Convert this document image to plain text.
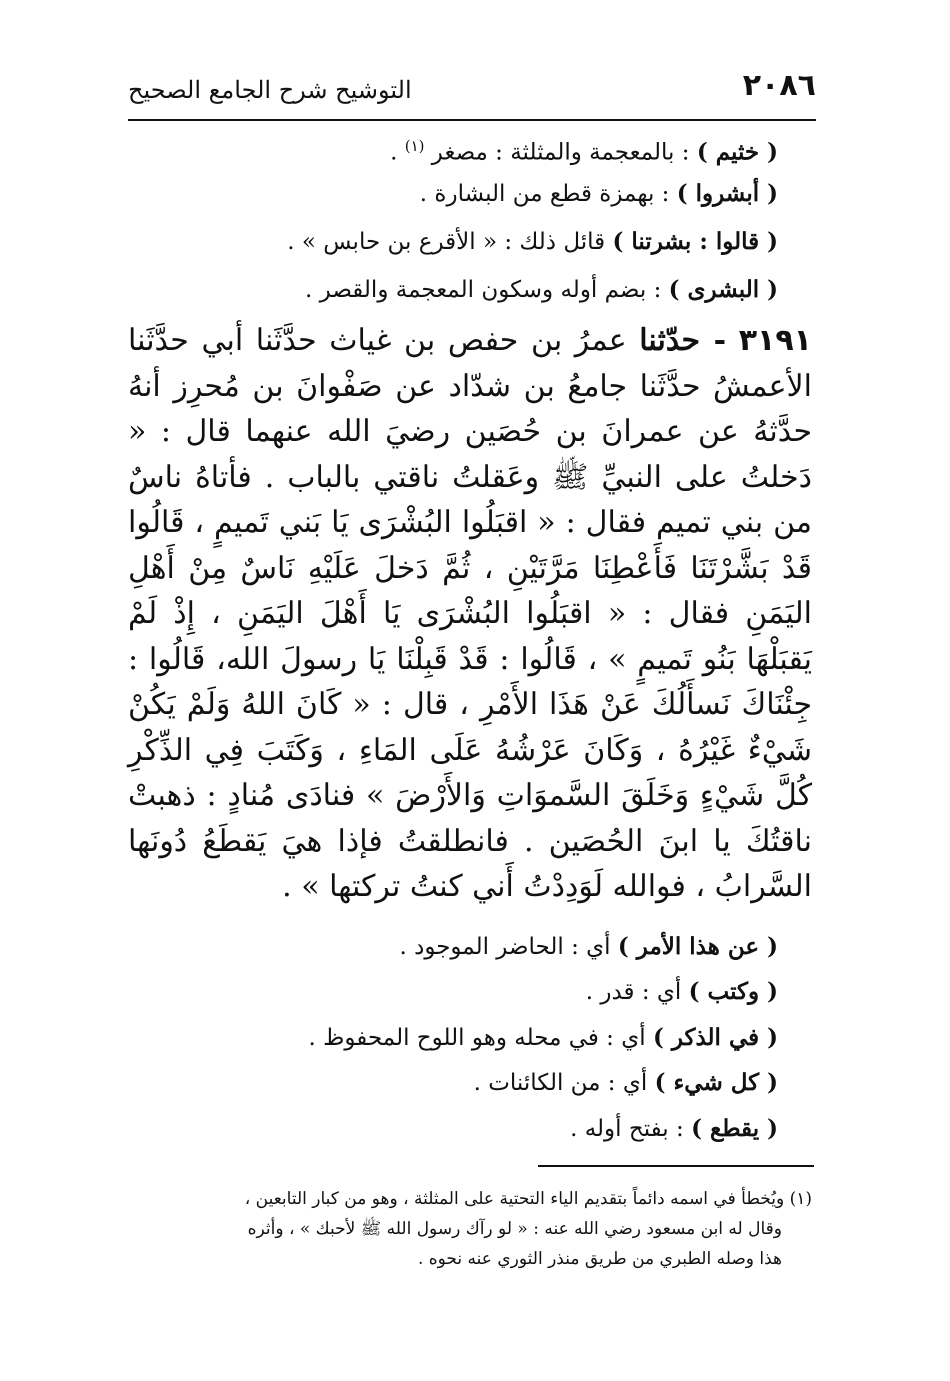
٢٠٨٦
التوشيح شرح الجامع الصحيح
( خثيم ) : بالمعجمة والمثلثة : مصغر $^{(١)}$ .
( أبشروا ) : بهمزة قطع من البشارة .
( قالوا : بشرتنا ) قائل ذلك : « الأقرع بن حابس » .
( البشرى ) : بضم أوله وسكون المعجمة والقصر .
٣١٩١ - حدّثنا عمرُ بن حفص بن غياث حدَّثَنا أبي حدَّثَنا الأعمشُ حدَّثَنا جامعُ بن شدّاد عن صَفْوانَ بن مُحرِز أنهُ حدَّثهُ عن عمرانَ بن حُصَين رضيَ الله عنهما قال : « دَخلتُ على النبيِّ ﷺ وعَقلتُ ناقتي بالباب . فأتاهُ ناسٌ من بني تميم فقال : « اقبَلُوا البُشْرَى يَا بَني تَميمٍ ، قَالُوا قَدْ بَشَّرْتَنَا فَأَعْطِنَا مَرَّتَيْنِ ، ثُمَّ دَخلَ عَلَيْهِ نَاسٌ مِنْ أَهْلِ اليَمَنِ فقال : « اقبَلُوا البُشْرَى يَا أَهْلَ اليَمَنِ ، إِذْ لَمْ يَقبَلْهَا بَنُو تَميمٍ » ، قَالُوا : قَدْ قَبِلْنَا يَا رسولَ الله، قَالُوا : جِئْنَاكَ نَسأَلُكَ عَنْ هَذَا الأَمْرِ ، قال : « كَانَ اللهُ وَلَمْ يَكُنْ شَيْءٌ غَيْرُهُ ، وَكَانَ عَرْشُهُ عَلَى المَاءِ ، وَكَتَبَ فِي الذِّكْرِ كُلَّ شَيْءٍ وَخَلَقَ السَّموَاتِ وَالأَرْضَ » فنادَى مُنادٍ : ذهبتْ ناقتُكَ يا ابنَ الحُصَين . فانطلقتُ فإذا هيَ يَقطَعُ دُونَها السَّرابُ ، فوالله لَوَدِدْتُ أَني كنتُ تركتها » .
( عن هذا الأمر ) أي : الحاضر الموجود .
( وكتب ) أي : قدر .
( في الذكر ) أي : في محله وهو اللوح المحفوظ .
( كل شيء ) أي : من الكائنات .
( يقطع ) : بفتح أوله .
(١) ويُخطأ في اسمه دائماً بتقديم الياء التحتية على المثلثة ، وهو من كبار التابعين ،
وقال له ابن مسعود رضي الله عنه : « لو رآك رسول الله ﷺ لأحبك » ، وأثره
هذا وصله الطبري من طريق منذر الثوري عنه نحوه .
